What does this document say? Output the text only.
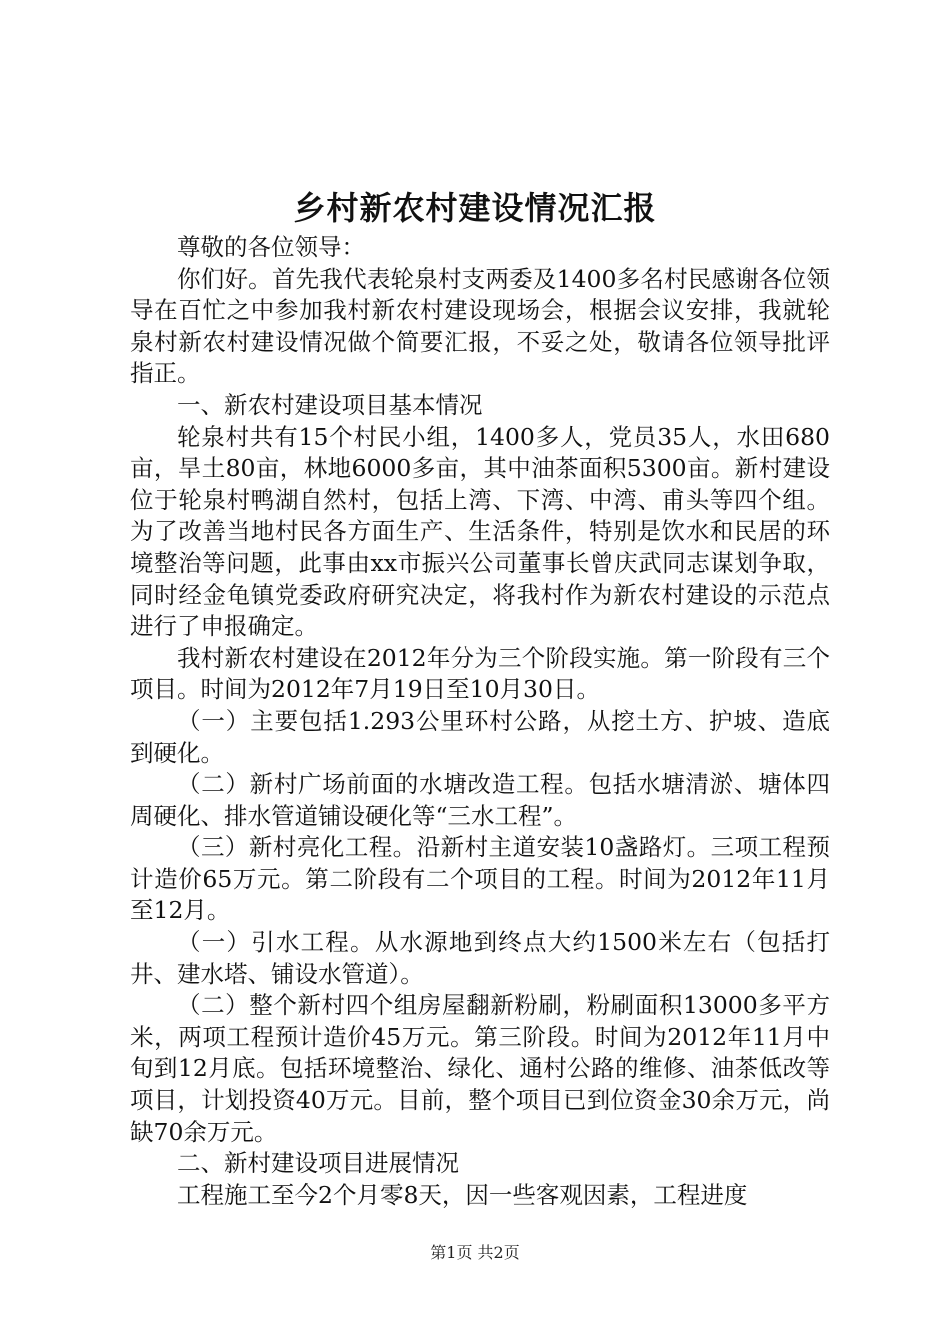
乡村新农村建设情况汇报

尊敬的各位领导：

你们好。首先我代表轮泉村支两委及1400多名村民感谢各位领导在百忙之中参加我村新农村建设现场会，根据会议安排，我就轮泉村新农村建设情况做个简要汇报，不妥之处，敬请各位领导批评指正。

一、新农村建设项目基本情况

轮泉村共有15个村民小组，1400多人，党员35人，水田680亩，旱土80亩，林地6000多亩，其中油茶面积5300亩。新村建设位于轮泉村鸭湖自然村，包括上湾、下湾、中湾、甫头等四个组。为了改善当地村民各方面生产、生活条件，特别是饮水和民居的环境整治等问题，此事由xx市振兴公司董事长曾庆武同志谋划争取，同时经金龟镇党委政府研究决定，将我村作为新农村建设的示范点进行了申报确定。

我村新农村建设在2012年分为三个阶段实施。第一阶段有三个项目。时间为2012年7月19日至10月30日。

（一）主要包括1.293公里环村公路，从挖土方、护坡、造底到硬化。

（二）新村广场前面的水塘改造工程。包括水塘清淤、塘体四周硬化、排水管道铺设硬化等“三水工程”。

（三）新村亮化工程。沿新村主道安装10盏路灯。三项工程预计造价65万元。第二阶段有二个项目的工程。时间为2012年11月至12月。

（一）引水工程。从水源地到终点大约1500米左右（包括打井、建水塔、铺设水管道）。

（二）整个新村四个组房屋翻新粉刷，粉刷面积13000多平方米，两项工程预计造价45万元。第三阶段。时间为2012年11月中旬到12月底。包括环境整治、绿化、通村公路的维修、油茶低改等项目，计划投资40万元。目前，整个项目已到位资金30余万元，尚缺70余万元。

二、新村建设项目进展情况

工程施工至今2个月零8天，因一些客观因素，工程进度

第1页 共2页
